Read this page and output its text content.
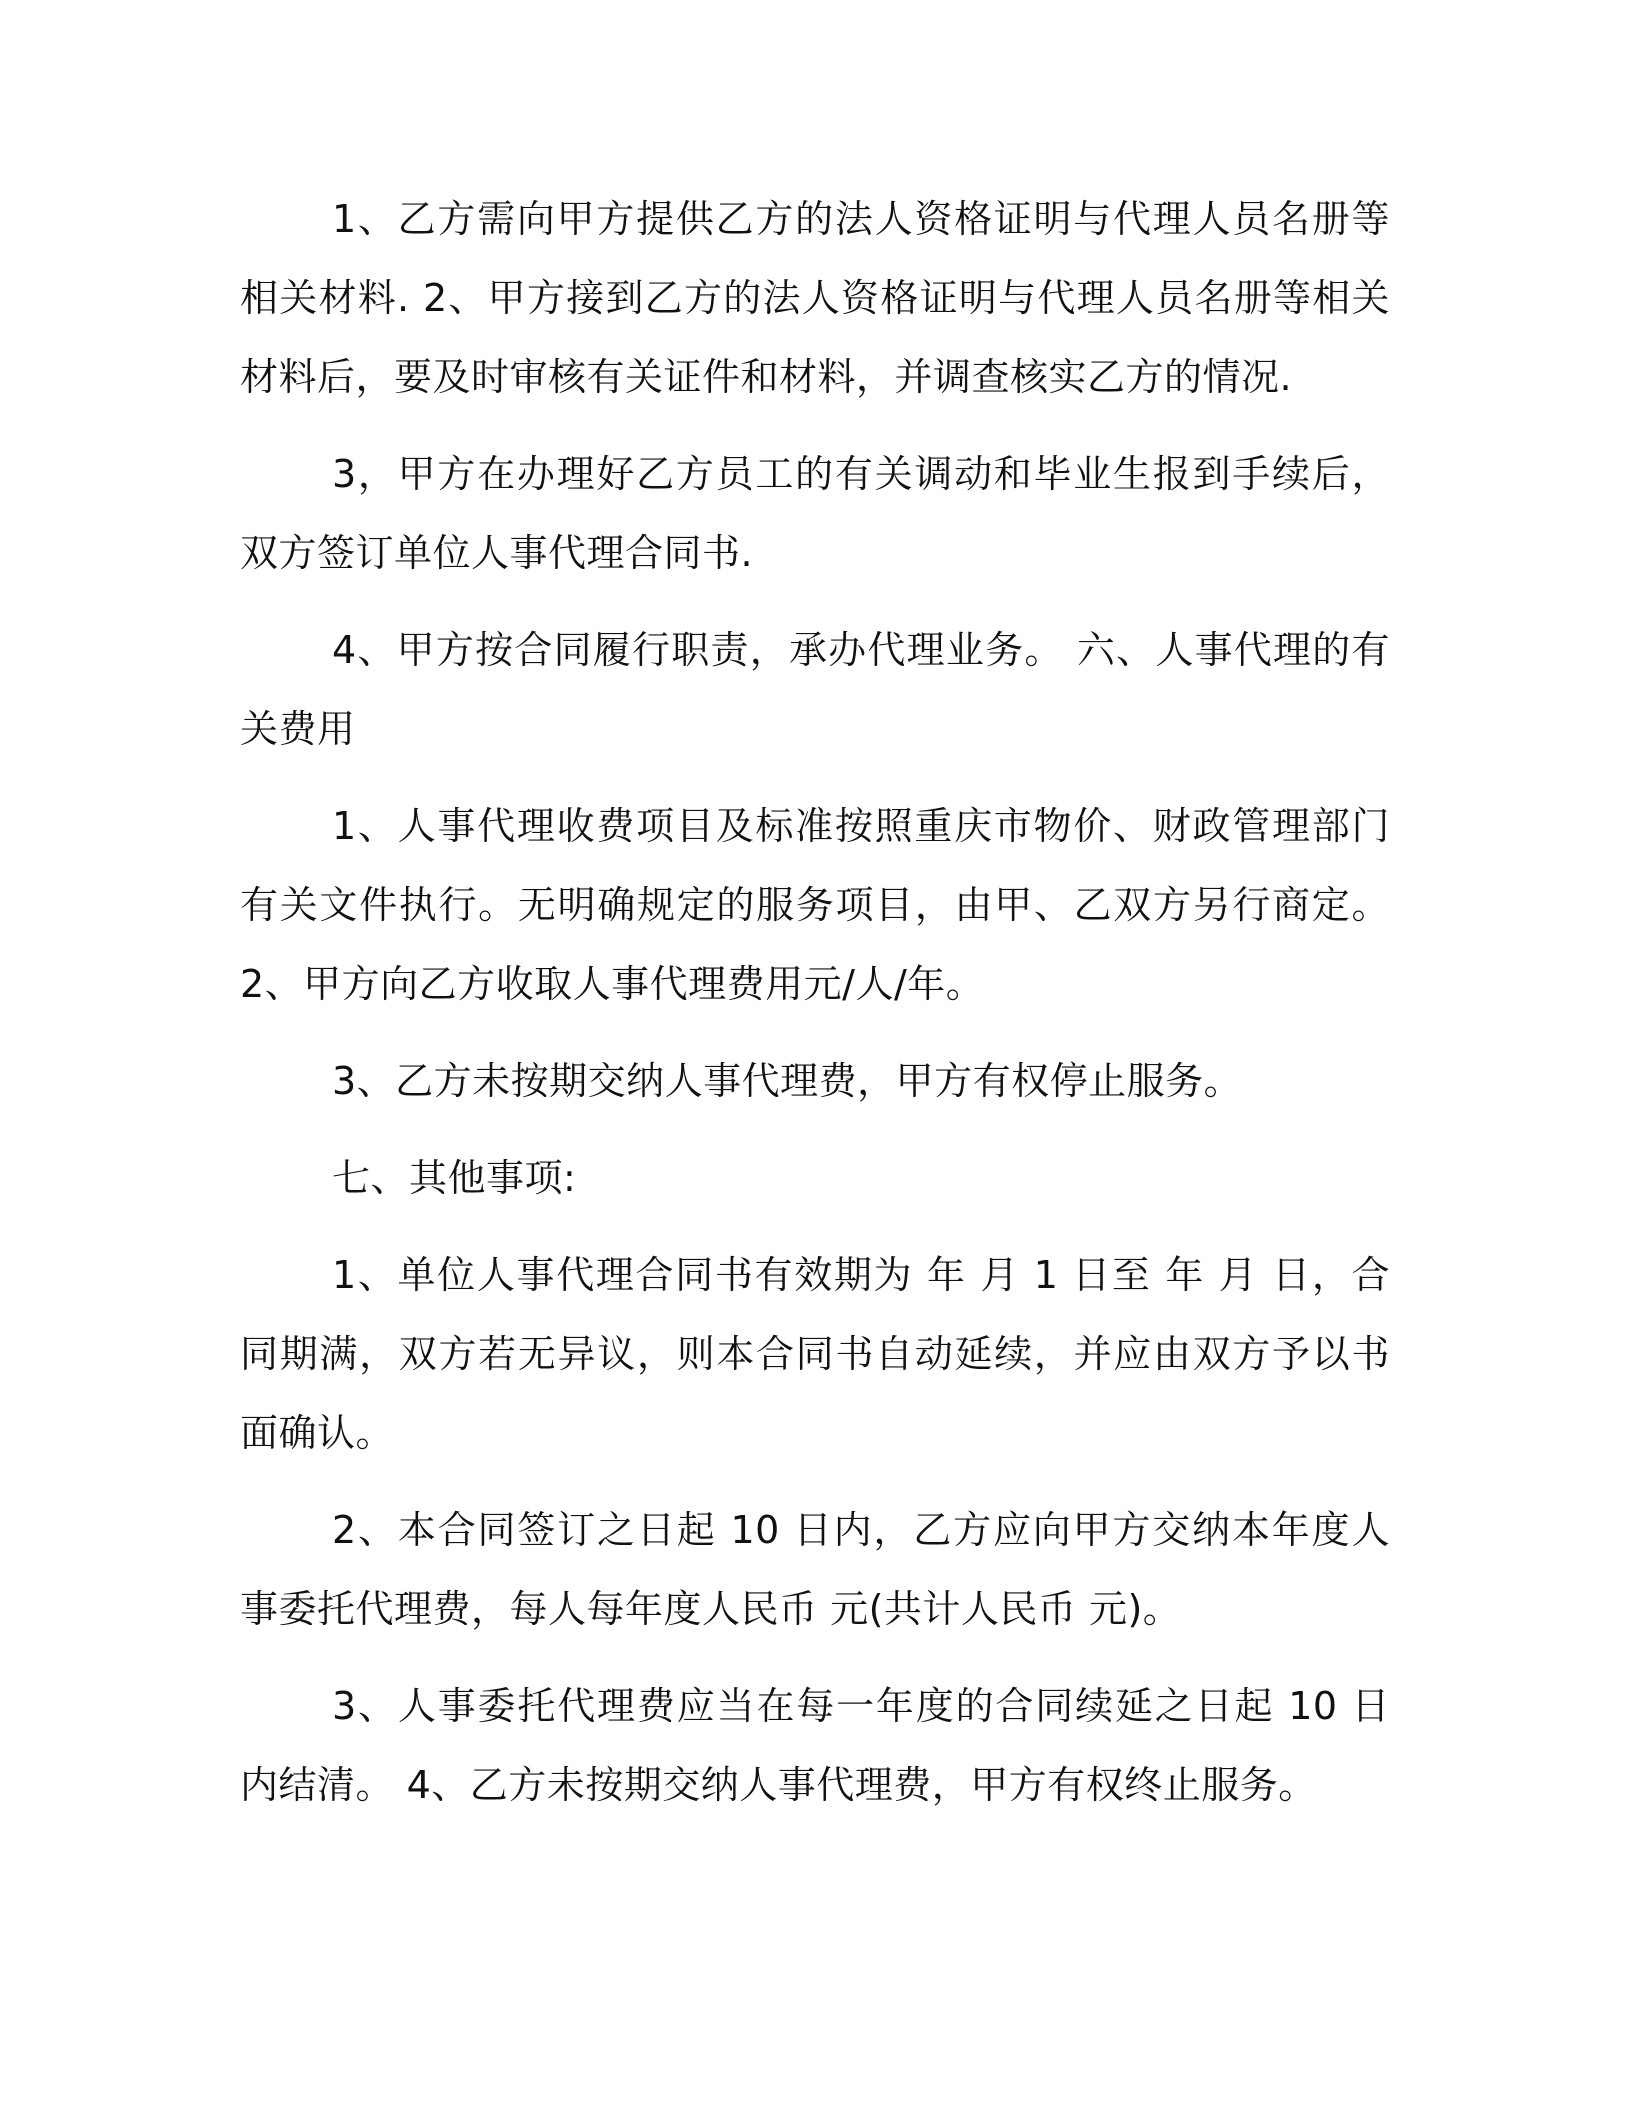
1、乙方需向甲方提供乙方的法人资格证明与代理人员名册等相关材料. 2、甲方接到乙方的法人资格证明与代理人员名册等相关材料后，要及时审核有关证件和材料，并调查核实乙方的情况.

3，甲方在办理好乙方员工的有关调动和毕业生报到手续后，双方签订单位人事代理合同书.

4、甲方按合同履行职责，承办代理业务。 六、人事代理的有关费用

1、人事代理收费项目及标准按照重庆市物价、财政管理部门有关文件执行。无明确规定的服务项目，由甲、乙双方另行商定。 2、甲方向乙方收取人事代理费用元/人/年。

3、乙方未按期交纳人事代理费，甲方有权停止服务。

七、其他事项:

1、单位人事代理合同书有效期为 年 月 1 日至 年 月 日，合同期满，双方若无异议，则本合同书自动延续，并应由双方予以书面确认。

2、本合同签订之日起 10 日内，乙方应向甲方交纳本年度人事委托代理费，每人每年度人民币 元(共计人民币 元)。

3、人事委托代理费应当在每一年度的合同续延之日起 10 日内结清。 4、乙方未按期交纳人事代理费，甲方有权终止服务。
